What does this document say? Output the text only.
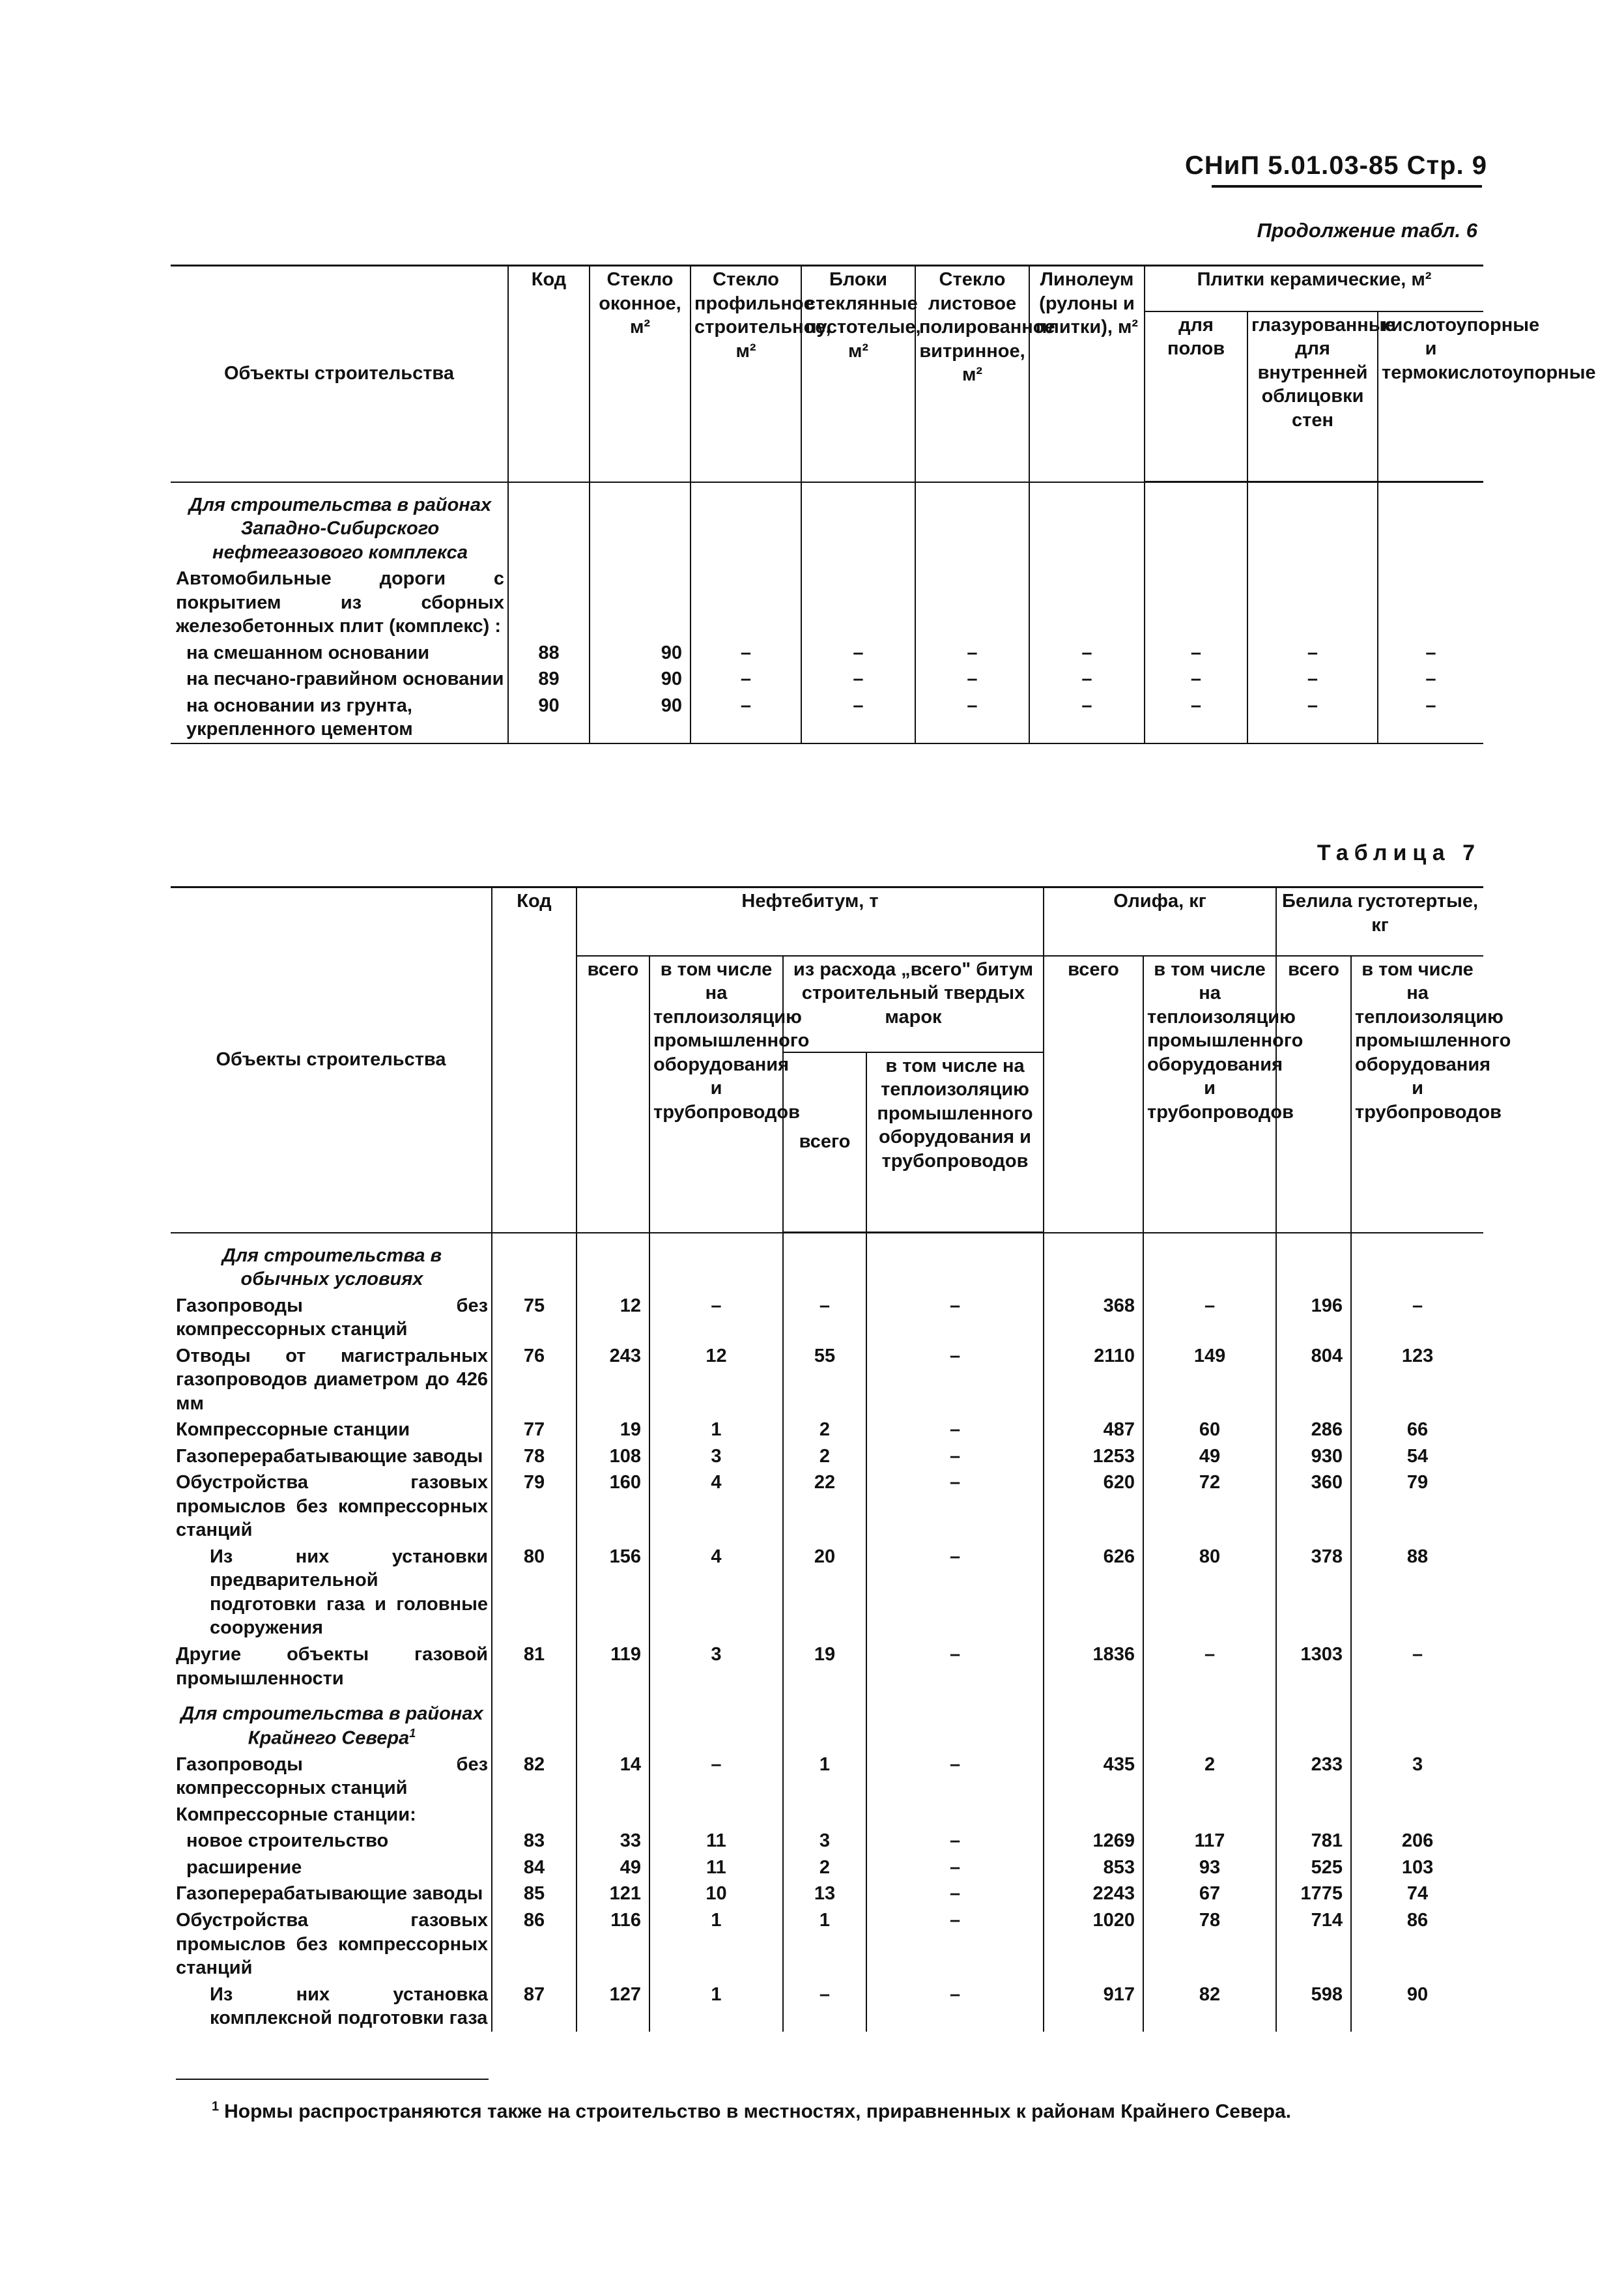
СНиП 5.01.03-85 Стр. 9
Продолжение табл. 6
Объекты строительства	Код	Стекло оконное, м²	Стекло профильное строительное, м²	Блоки стеклянные пустотелые, м²	Стекло листовое полированное витринное, м²	Линолеум (рулоны и плитки), м²	Плитки керамические, м²		
							для полов	глазурованные для внутренней облицовки стен	кислотоупорные и термокислотоупорные
Для строительства в районах Западно-Сибирского нефтегазового комплекса									
Автомобильные дороги с покрытием из сборных железобетонных плит (комплекс) :									
на смешанном основании	88	90	–	–	–	–	–	–	–
на песчано-гравийном основании	89	90	–	–	–	–	–	–	–
на основании из грунта, укрепленного цементом	90	90	–	–	–	–	–	–	–
Таблица 7
Объекты строительства	Код	Нефтебитум, т				Олифа, кг		Белила густотертые, кг	
		всего	в том числе на теплоизоляцию промышленного оборудования и трубопроводов	из расхода „всего" битум строительный твердых марок		всего	в том числе на теплоизоляцию промышленного оборудования и трубопроводов	всего	в том числе на теплоизоляцию промышленного оборудования и трубопроводов
				всего	в том числе на теплоизоляцию промышленного оборудования и трубопроводов				
Для строительства в обычных условиях									
Газопроводы без компрессорных станций	75	12	–	–	–	368	–	196	–
Отводы от магистральных газопроводов диаметром до 426 мм	76	243	12	55	–	2110	149	804	123
Компрессорные станции	77	19	1	2	–	487	60	286	66
Газоперерабатывающие заводы	78	108	3	2	–	1253	49	930	54
Обустройства газовых промыслов без компрессорных станций	79	160	4	22	–	620	72	360	79
Из них установки предварительной подготовки газа и головные сооружения	80	156	4	20	–	626	80	378	88
Другие объекты газовой промышленности	81	119	3	19	–	1836	–	1303	–
Для строительства в районах Крайнего Севера$^1$									
Газопроводы без компрессорных станций	82	14	–	1	–	435	2	233	3
Компрессорные станции:									
новое строительство	83	33	11	3	–	1269	117	781	206
расширение	84	49	11	2	–	853	93	525	103
Газоперерабатывающие заводы	85	121	10	13	–	2243	67	1775	74
Обустройства газовых промыслов без компрессорных станций	86	116	1	1	–	1020	78	714	86
Из них установка комплексной подготовки газа	87	127	1	–	–	917	82	598	90
$^1$ Нормы распространяются также на строительство в местностях, приравненных к районам Крайнего Севера.
